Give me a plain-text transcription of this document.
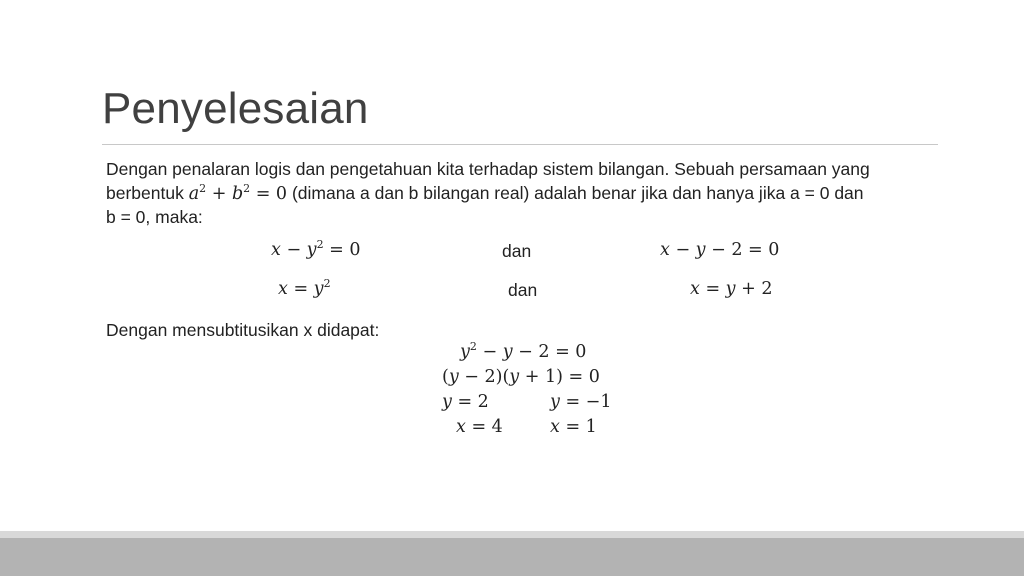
Penyelesaian
Dengan penalaran logis dan pengetahuan kita terhadap sistem bilangan. Sebuah persamaan yang
berbentuk $a^2 + b^2 = 0$ (dimana a dan b bilangan real) adalah benar jika dan hanya jika a = 0 dan
b = 0, maka:
$x - y^2 = 0$	dan	x − y − 2 = 0
$x = y^2$	dan	x = y + 2
Dengan mensubtitusikan x didapat:
$y^2 - y - 2 = 0$
(y − 2)(y + 1) = 0
y = 2	y = −1
x = 4	x = 1
